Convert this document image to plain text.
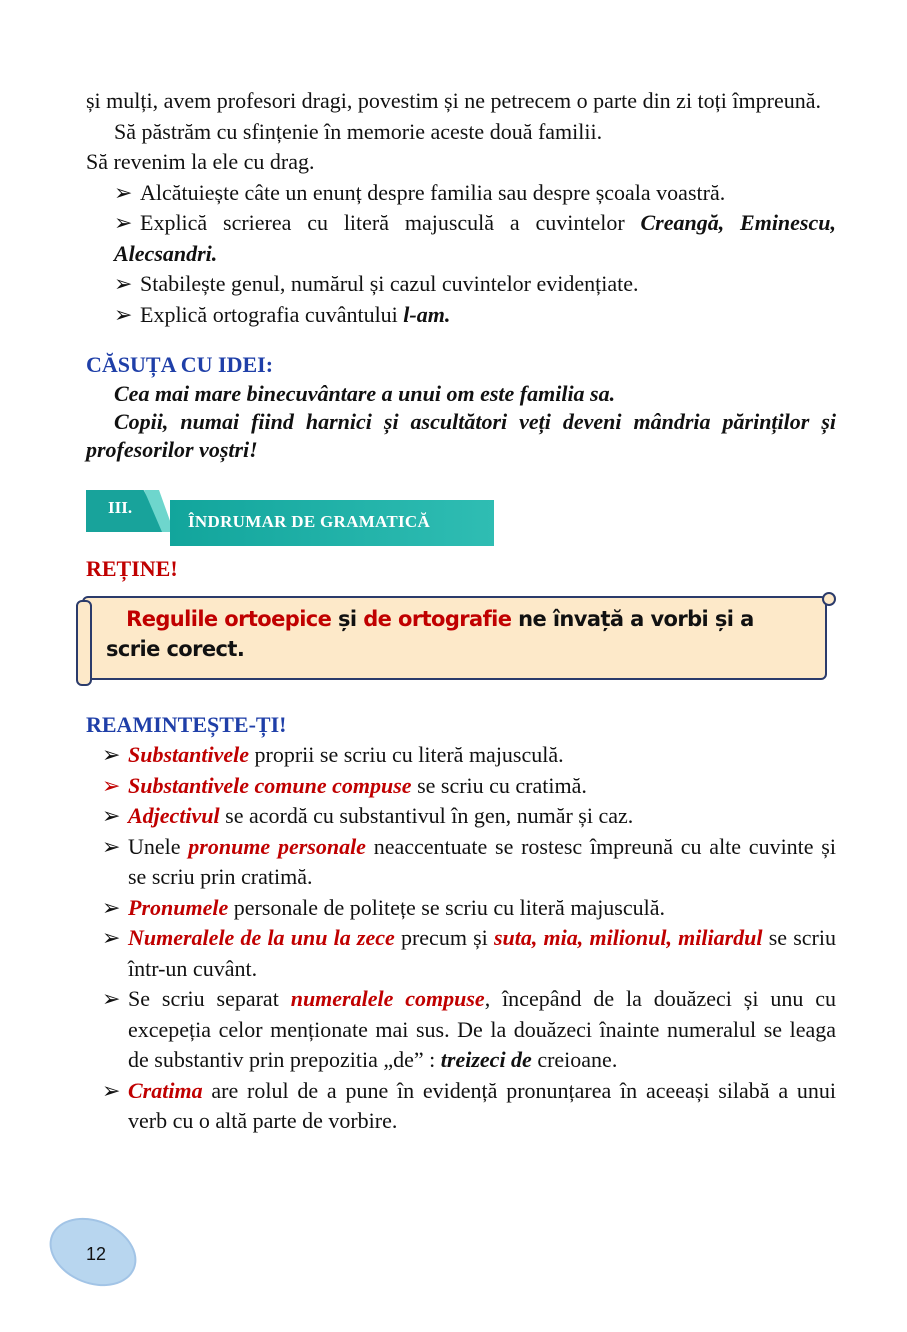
și mulți, avem profesori dragi, povestim și ne petrecem o parte din zi toți împreună.

Să păstrăm cu sfințenie în memorie aceste două familii.

Să revenim la ele cu drag.

➢ Alcătuiește câte un enunț despre familia sau despre școala voastră.

➢ Explică scrierea cu literă majusculă a cuvintelor Creangă, Eminescu, Alecsandri.

➢ Stabilește genul, numărul și cazul cuvintelor evidențiate.

➢ Explică ortografia cuvântului l-am.

CĂSUȚA CU IDEI:

Cea mai mare binecuvântare a unui om este familia sa.

Copii, numai fiind harnici și ascultători veți deveni mândria părinților și profesorilor voștri!

III.
ÎNDRUMAR DE GRAMATICĂ
REȚINE!
Regulile ortoepice și de ortografie ne învață a vorbi și a scrie corect.
REAMINTEȘTE-ȚI!
➢ Substantivele proprii se scriu cu literă majusculă.
➢ Substantivele comune compuse se scriu cu cratimă.
➢ Adjectivul se acordă cu substantivul în gen, număr și caz.
➢ Unele pronume personale neaccentuate se rostesc împreună cu alte cuvinte și se scriu prin cratimă.
➢ Pronumele personale de politețe se scriu cu literă majusculă.
➢ Numeralele de la unu la zece precum și suta, mia, milionul, miliardul se scriu într-un cuvânt.
➢ Se scriu separat numeralele compuse, începând de la douăzeci și unu cu excepeția celor menționate mai sus. De la douăzeci înainte numeralul se leaga de substantiv prin prepozitia „de” : treizeci de creioane.
➢ Cratima are rolul de a pune în evidență pronunțarea în aceeași silabă a unui verb cu o altă parte de vorbire.
12
